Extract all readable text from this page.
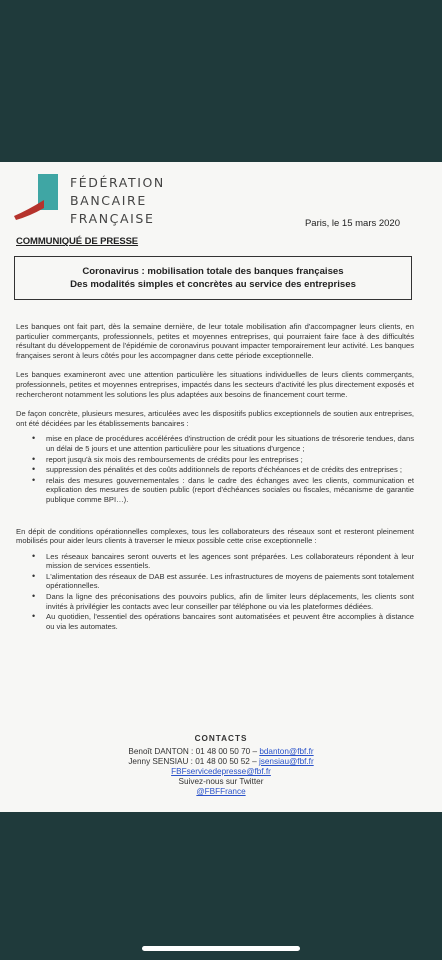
FÉDÉRATION
BANCAIRE
FRANÇAISE	Paris, le 15 mars 2020
COMMUNIQUÉ DE PRESSE
Coronavirus : mobilisation totale des banques françaises
Des modalités simples et concrètes au service des entreprises

Les banques ont fait part, dès la semaine dernière, de leur totale mobilisation afin d'accompagner leurs clients, en particulier commerçants, professionnels, petites et moyennes entreprises, qui pourraient faire face à des difficultés résultant du développement de l'épidémie de coronavirus pouvant impacter temporairement leur activité. Les banques françaises seront à leurs côtés pour les accompagner dans cette période exceptionnelle.

Les banques examineront avec une attention particulière les situations individuelles de leurs clients commerçants, professionnels, petites et moyennes entreprises, impactés dans les secteurs d'activité les plus directement exposés et rechercheront notamment les solutions les plus adaptées aux besoins de financement court terme.

De façon concrète, plusieurs mesures, articulées avec les dispositifs publics exceptionnels de soutien aux entreprises, ont été décidées par les établissements bancaires :

• mise en place de procédures accélérées d'instruction de crédit pour les situations de trésorerie tendues, dans un délai de 5 jours et une attention particulière pour les situations d'urgence ;
• report jusqu'à six mois des remboursements de crédits pour les entreprises ;
• suppression des pénalités et des coûts additionnels de reports d'échéances et de crédits des entreprises ;
• relais des mesures gouvernementales : dans le cadre des échanges avec les clients, communication et explication des mesures de soutien public (report d'échéances sociales ou fiscales, mécanisme de garantie publique comme BPI…).

En dépit de conditions opérationnelles complexes, tous les collaborateurs des réseaux sont et resteront pleinement mobilisés pour aider leurs clients à traverser le mieux possible cette crise exceptionnelle :

• Les réseaux bancaires seront ouverts et les agences sont préparées. Les collaborateurs répondent à leur mission de services essentiels.
• L'alimentation des réseaux de DAB est assurée. Les infrastructures de moyens de paiements sont totalement opérationnelles.
• Dans la ligne des préconisations des pouvoirs publics, afin de limiter leurs déplacements, les clients sont invités à privilégier les contacts avec leur conseiller par téléphone ou via les plateformes dédiées.
• Au quotidien, l'essentiel des opérations bancaires sont automatisées et peuvent être accomplies à distance ou via les automates.
CONTACTS
Benoît DANTON : 01 48 00 50 70 – bdanton@fbf.fr
Jenny SENSIAU : 01 48 00 50 52 – jsensiau@fbf.fr
FBFservicedepresse@fbf.fr
Suivez-nous sur Twitter
@FBFFrance
